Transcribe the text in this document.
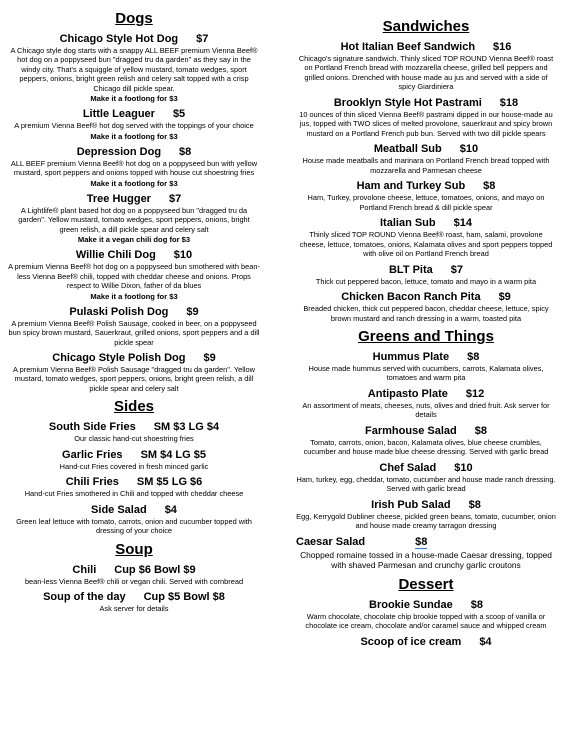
Dogs
Chicago Style Hot Dog $7
A Chicago style dog starts with a snappy ALL BEEF premium Vienna Beef® hot dog on a poppyseed bun "dragged tru da garden" as they say in the windy city. That's a squiggle of yellow mustard, tomato wedges, sport peppers, onions, bright green relish and celery salt topped with a crisp Chicago dill pickle spear.
Make it a footlong for $3
Little Leaguer $5
A premium Vienna Beef® hot dog served with the toppings of your choice
Make it a footlong for $3
Depression Dog $8
ALL BEEF premium Vienna Beef® hot dog on a poppyseed bun with yellow mustard, sport peppers and onions topped with house cut shoestring fries
Make it a footlong for $3
Tree Hugger $7
A Lightlife® plant based hot dog on a poppyseed bun "dragged tru da garden". Yellow mustard, tomato wedges, sport peppers, onions, bright green relish, a dill pickle spear and celery salt
Make it a vegan chili dog for $3
Willie Chili Dog $10
A premium Vienna Beef® hot dog on a poppyseed bun smothered with bean-less Vienna Beef® chili, topped with cheddar cheese and onions. Props respect to Willie Dixon, father of da blues
Make it a footlong for $3
Pulaski Polish Dog $9
A premium Vienna Beef® Polish Sausage, cooked in beer, on a poppyseed bun spicy brown mustard, Sauerkraut, grilled onions, sport peppers and a dill pickle spear
Chicago Style Polish Dog $9
A premium Vienna Beef® Polish Sausage "dragged tru da garden". Yellow mustard, tomato wedges, sport peppers, onions, bright green relish, a dill pickle spear and celery salt
Sides
South Side Fries SM $3 LG $4
Our classic hand-cut shoestring fries
Garlic Fries SM $4 LG $5
Hand-cut Fries covered in fresh minced garlic
Chili Fries SM $5 LG $6
Hand-cut Fries smothered in Chili and topped with cheddar cheese
Side Salad $4
Green leaf lettuce with tomato, carrots, onion and cucumber topped with dressing of your choice
Soup
Chili Cup $6 Bowl $9
bean-less Vienna Beef® chili or vegan chili. Served with cornbread
Soup of the day Cup $5 Bowl $8
Ask server for details
Sandwiches
Hot Italian Beef Sandwich $16
Chicago's signature sandwich. Thinly sliced TOP ROUND Vienna Beef® roast on Portland French bread with mozzarella cheese, grilled bell peppers and grilled onions. Drenched with house made au jus and served with a side of spicy Giardiniera
Brooklyn Style Hot Pastrami $18
10 ounces of thin sliced Vienna Beef® pastrami dipped in our house-made au jus, topped with TWO slices of melted provolone, sauerkraut and spicy brown mustard on a Portland French pub bun. Served with two dill pickle spears
Meatball Sub $10
House made meatballs and marinara on Portland French bread topped with mozzarella and Parmesan cheese
Ham and Turkey Sub $8
Ham, Turkey, provolone cheese, lettuce, tomatoes, onions, and mayo on Portland French bread & dill pickle spear
Italian Sub $14
Thinly sliced TOP ROUND Vienna Beef® roast, ham, salami, provolone cheese, lettuce, tomatoes, onions, Kalamata olives and sport peppers topped with olive oil on Portland French bread
BLT Pita $7
Thick cut peppered bacon, lettuce, tomato and mayo in a warm pita
Chicken Bacon Ranch Pita $9
Breaded chicken, thick cut peppered bacon, cheddar cheese, lettuce, spicy brown mustard and ranch dressing in a warm, toasted pita
Greens and Things
Hummus Plate $8
House made hummus served with cucumbers, carrots, Kalamata olives, tomatoes and warm pita
Antipasto Plate $12
An assortment of meats, cheeses, nuts, olives and dried fruit. Ask server for details
Farmhouse Salad $8
Tomato, carrots, onion, bacon, Kalamata olives, blue cheese crumbles, cucumber and house made blue cheese dressing. Served with garlic bread
Chef Salad $10
Ham, turkey, egg, cheddar, tomato, cucumber and house made ranch dressing. Served with garlic bread
Irish Pub Salad $8
Egg, Kerrygold Dubliner cheese, pickled green beans, tomato, cucumber, onion and house made creamy tarragon dressing
Caesar Salad	$8
Chopped romaine tossed in a house-made Caesar dressing, topped with shaved Parmesan and crunchy garlic croutons
Dessert
Brookie Sundae $8
Warm chocolate, chocolate chip brookie topped with a scoop of vanilla or chocolate ice cream, chocolate and/or caramel sauce and whipped cream
Scoop of ice cream $4
